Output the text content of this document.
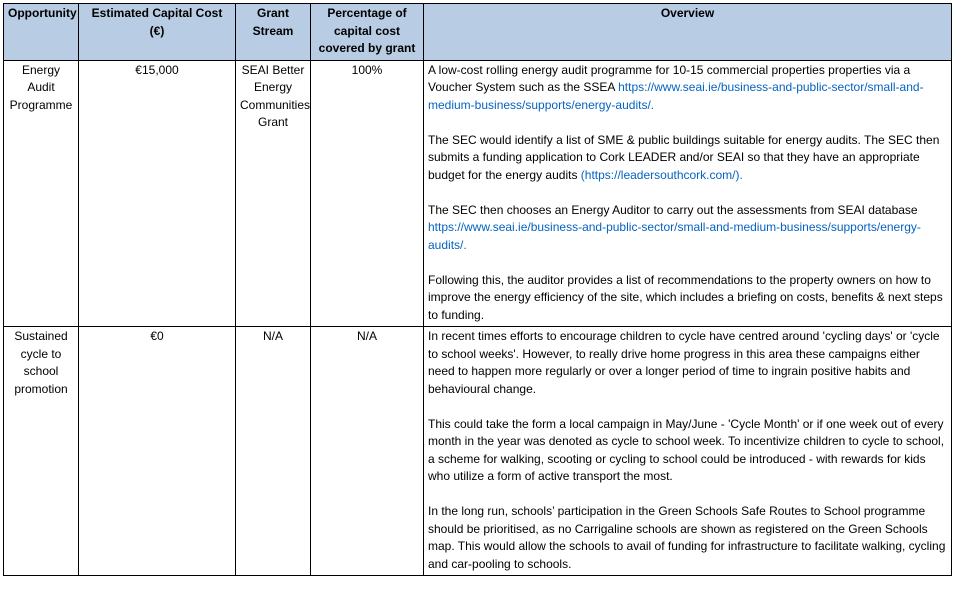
Opportunity	Estimated Capital Cost (€)	Grant Stream	Percentage of capital cost covered by grant	Overview
Energy Audit Programme	€15,000	SEAI Better Energy Communities Grant	100%	A low-cost rolling energy audit programme for 10-15 commercial properties properties via a Voucher System such as the SSEA https://www.seai.ie/business-and-public-sector/small-and-medium-business/supports/energy-audits/.

The SEC would identify a list of SME & public buildings suitable for energy audits. The SEC then submits a funding application to Cork LEADER and/or SEAI so that they have an appropriate budget for the energy audits (https://leadersouthcork.com/).

The SEC then chooses an Energy Auditor to carry out the assessments from SEAI database https://www.seai.ie/business-and-public-sector/small-and-medium-business/supports/energy-audits/.

Following this, the auditor provides a list of recommendations to the property owners on how to improve the energy efficiency of the site, which includes a briefing on costs, benefits & next steps to funding.

Sustained cycle to school promotion	€0	N/A	N/A	In recent times efforts to encourage children to cycle have centred around 'cycling days' or 'cycle to school weeks'. However, to really drive home progress in this area these campaigns either need to happen more regularly or over a longer period of time to ingrain positive habits and behavioural change.

This could take the form a local campaign in May/June - 'Cycle Month' or if one week out of every month in the year was denoted as cycle to school week. To incentivize children to cycle to school, a scheme for walking, scooting or cycling to school could be introduced - with rewards for kids who utilize a form of active transport the most.

In the long run, schools’ participation in the Green Schools Safe Routes to School programme should be prioritised, as no Carrigaline schools are shown as registered on the Green Schools map. This would allow the schools to avail of funding for infrastructure to facilitate walking, cycling and car-pooling to schools.
